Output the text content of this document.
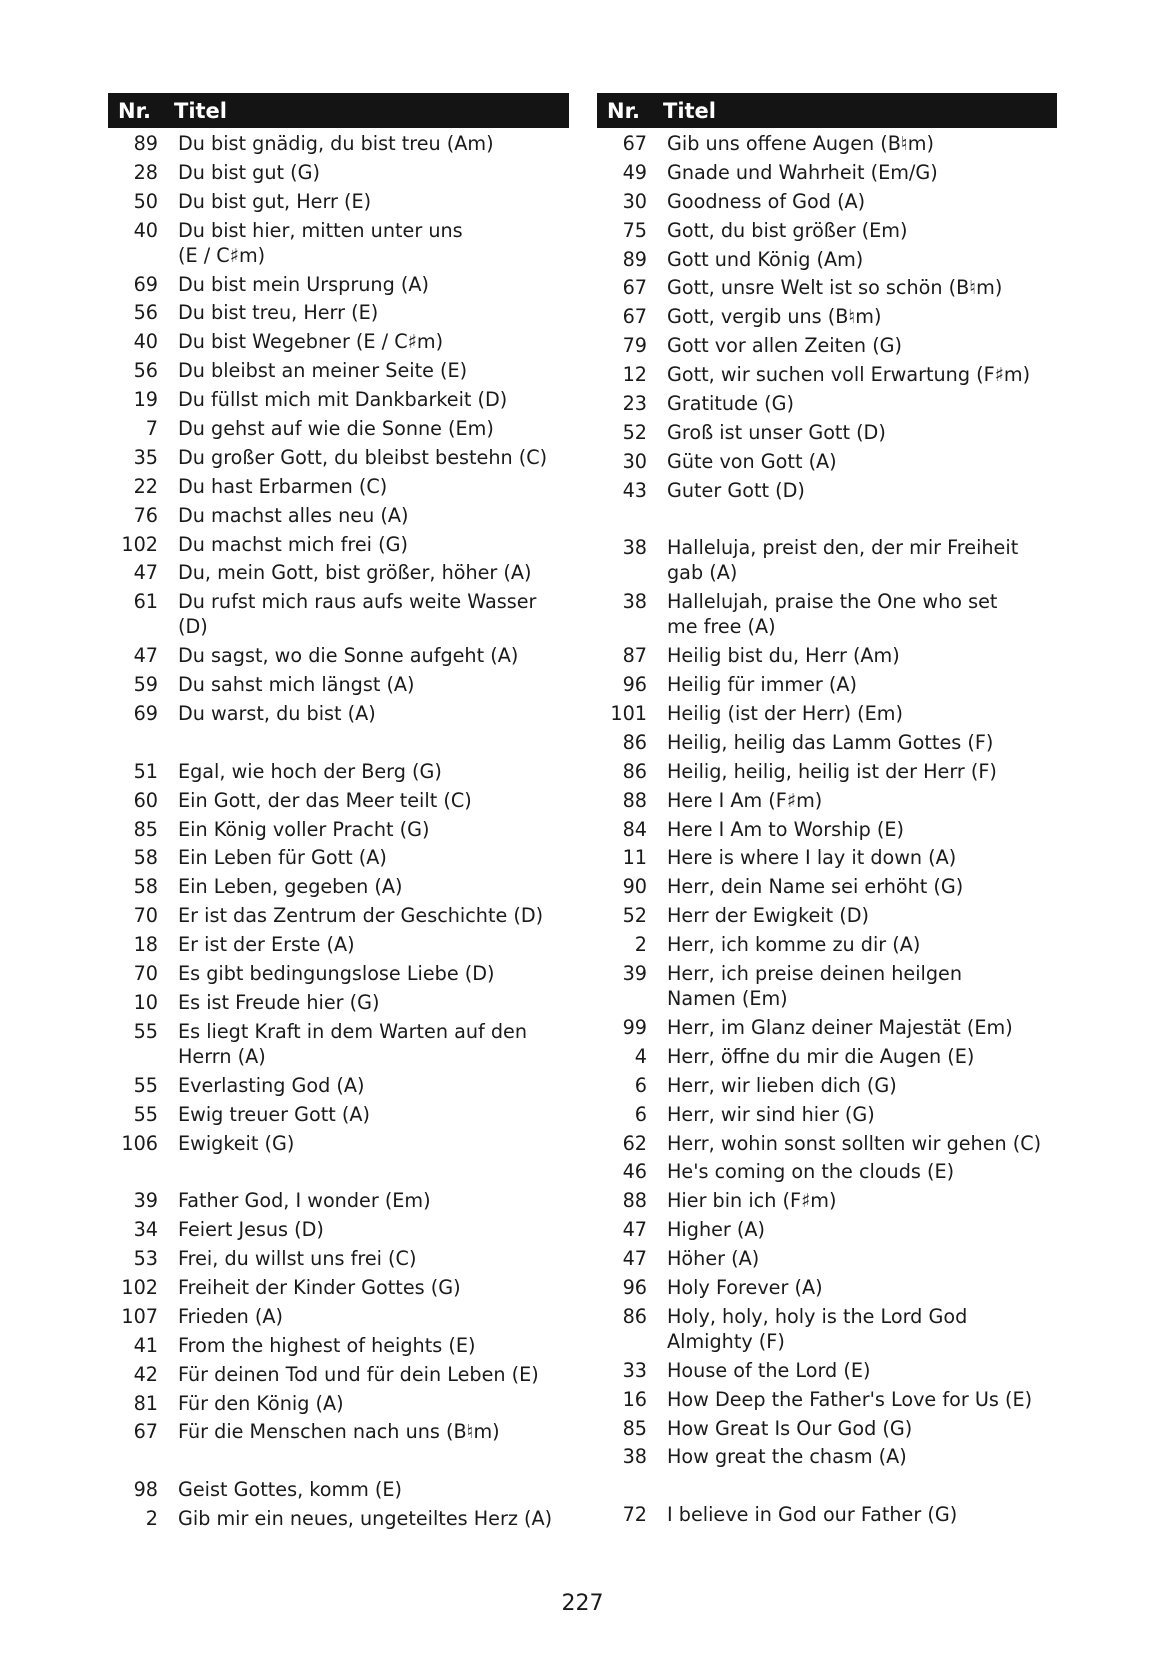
Nr.	Titel
89 Du bist gnädig, du bist treu (Am)
28 Du bist gut (G)
50 Du bist gut, Herr (E)
40 Du bist hier, mitten unter uns
(E / C♯m)
69 Du bist mein Ursprung (A)
56 Du bist treu, Herr (E)
40 Du bist Wegebner (E / C♯m)
56 Du bleibst an meiner Seite (E)
19 Du füllst mich mit Dankbarkeit (D)
7 Du gehst auf wie die Sonne (Em)
35 Du großer Gott, du bleibst bestehn (C)
22 Du hast Erbarmen (C)
76 Du machst alles neu (A)
102 Du machst mich frei (G)
47 Du, mein Gott, bist größer, höher (A)
61 Du rufst mich raus aufs weite Wasser
(D)
47 Du sagst, wo die Sonne aufgeht (A)
59 Du sahst mich längst (A)
69 Du warst, du bist (A)
51 Egal, wie hoch der Berg (G)
60 Ein Gott, der das Meer teilt (C)
85 Ein König voller Pracht (G)
58 Ein Leben für Gott (A)
58 Ein Leben, gegeben (A)
70 Er ist das Zentrum der Geschichte (D)
18 Er ist der Erste (A)
70 Es gibt bedingungslose Liebe (D)
10 Es ist Freude hier (G)
55 Es liegt Kraft in dem Warten auf den
Herrn (A)
55 Everlasting God (A)
55 Ewig treuer Gott (A)
106 Ewigkeit (G)
39 Father God, I wonder (Em)
34 Feiert Jesus (D)
53 Frei, du willst uns frei (C)
102 Freiheit der Kinder Gottes (G)
107 Frieden (A)
41 From the highest of heights (E)
42 Für deinen Tod und für dein Leben (E)
81 Für den König (A)
67 Für die Menschen nach uns (B♮m)
98 Geist Gottes, komm (E)
2 Gib mir ein neues, ungeteiltes Herz (A)
Nr.	Titel
67 Gib uns offene Augen (B♮m)
49 Gnade und Wahrheit (Em/G)
30 Goodness of God (A)
75 Gott, du bist größer (Em)
89 Gott und König (Am)
67 Gott, unsre Welt ist so schön (B♮m)
67 Gott, vergib uns (B♮m)
79 Gott vor allen Zeiten (G)
12 Gott, wir suchen voll Erwartung (F♯m)
23 Gratitude (G)
52 Groß ist unser Gott (D)
30 Güte von Gott (A)
43 Guter Gott (D)
38 Halleluja, preist den, der mir Freiheit
gab (A)
38 Hallelujah, praise the One who set
me free (A)
87 Heilig bist du, Herr (Am)
96 Heilig für immer (A)
101 Heilig (ist der Herr) (Em)
86 Heilig, heilig das Lamm Gottes (F)
86 Heilig, heilig, heilig ist der Herr (F)
88 Here I Am (F♯m)
84 Here I Am to Worship (E)
11 Here is where I lay it down (A)
90 Herr, dein Name sei erhöht (G)
52 Herr der Ewigkeit (D)
2 Herr, ich komme zu dir (A)
39 Herr, ich preise deinen heilgen
Namen (Em)
99 Herr, im Glanz deiner Majestät (Em)
4 Herr, öffne du mir die Augen (E)
6 Herr, wir lieben dich (G)
6 Herr, wir sind hier (G)
62 Herr, wohin sonst sollten wir gehen (C)
46 He's coming on the clouds (E)
88 Hier bin ich (F♯m)
47 Higher (A)
47 Höher (A)
96 Holy Forever (A)
86 Holy, holy, holy is the Lord God
Almighty (F)
33 House of the Lord (E)
16 How Deep the Father's Love for Us (E)
85 How Great Is Our God (G)
38 How great the chasm (A)
72 I believe in God our Father (G)
227
